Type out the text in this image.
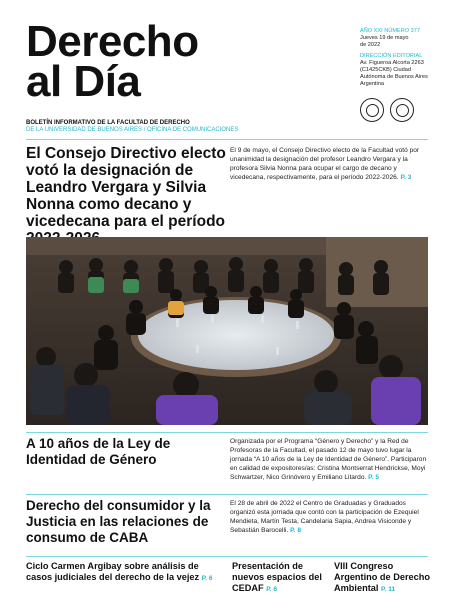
Derecho
al Día
AÑO XXI NÚMERO 377
Jueves 19 de mayo
de 2022
DIRECCIÓN EDITORIAL
Av. Figueroa Alcorta 2263
(C1425CKB) Ciudad
Autónoma de Buenos Aires
Argentina
BOLETÍN INFORMATIVO DE LA FACULTAD DE DERECHO
DE LA UNIVERSIDAD DE BUENOS AIRES / OFICINA DE COMUNICACIONES
El Consejo Directivo electo votó la designación de Leandro Vergara y Silvia Nonna como decano y vicedecana para el período
El 9 de mayo, el Consejo Directivo electo de la Facultad votó por unanimidad la designación del profesor Leandro Vergara y la profesora Silvia Nonna para ocupar el cargo de decano y vicedecana, respectivamente, para el período 2022-2026. P. 3
A 10 años de la Ley de Identidad de Género
Organizada por el Programa “Género y Derecho” y la Red de Profesoras de la Facultad, el pasado 12 de mayo tuvo lugar la jornada “A 10 años de la Ley de Identidad de Género”. Participaron en calidad de expositores/as: Cristina Montserrat Hendrickse, Moyi Schwartzer, Nico Grinóvero y Emiliano Litardo. P. 5
Derecho del consumidor y la Justicia en las relaciones de consumo de CABA
El 28 de abril de 2022 el Centro de Graduadas y Graduados organizó esta jornada que contó con la participación de Ezequiel Mendieta, Martín Testa, Candelaria Sapia, Andrea Visiconde y Sebastián Barocelli. P. 8
Ciclo Carmen Argibay sobre análisis de casos judiciales del derecho de la vejez P. 6
Presentación de nuevos espacios del CEDAF P. 6
VIII Congreso Argentino de Derecho Ambiental P. 11
